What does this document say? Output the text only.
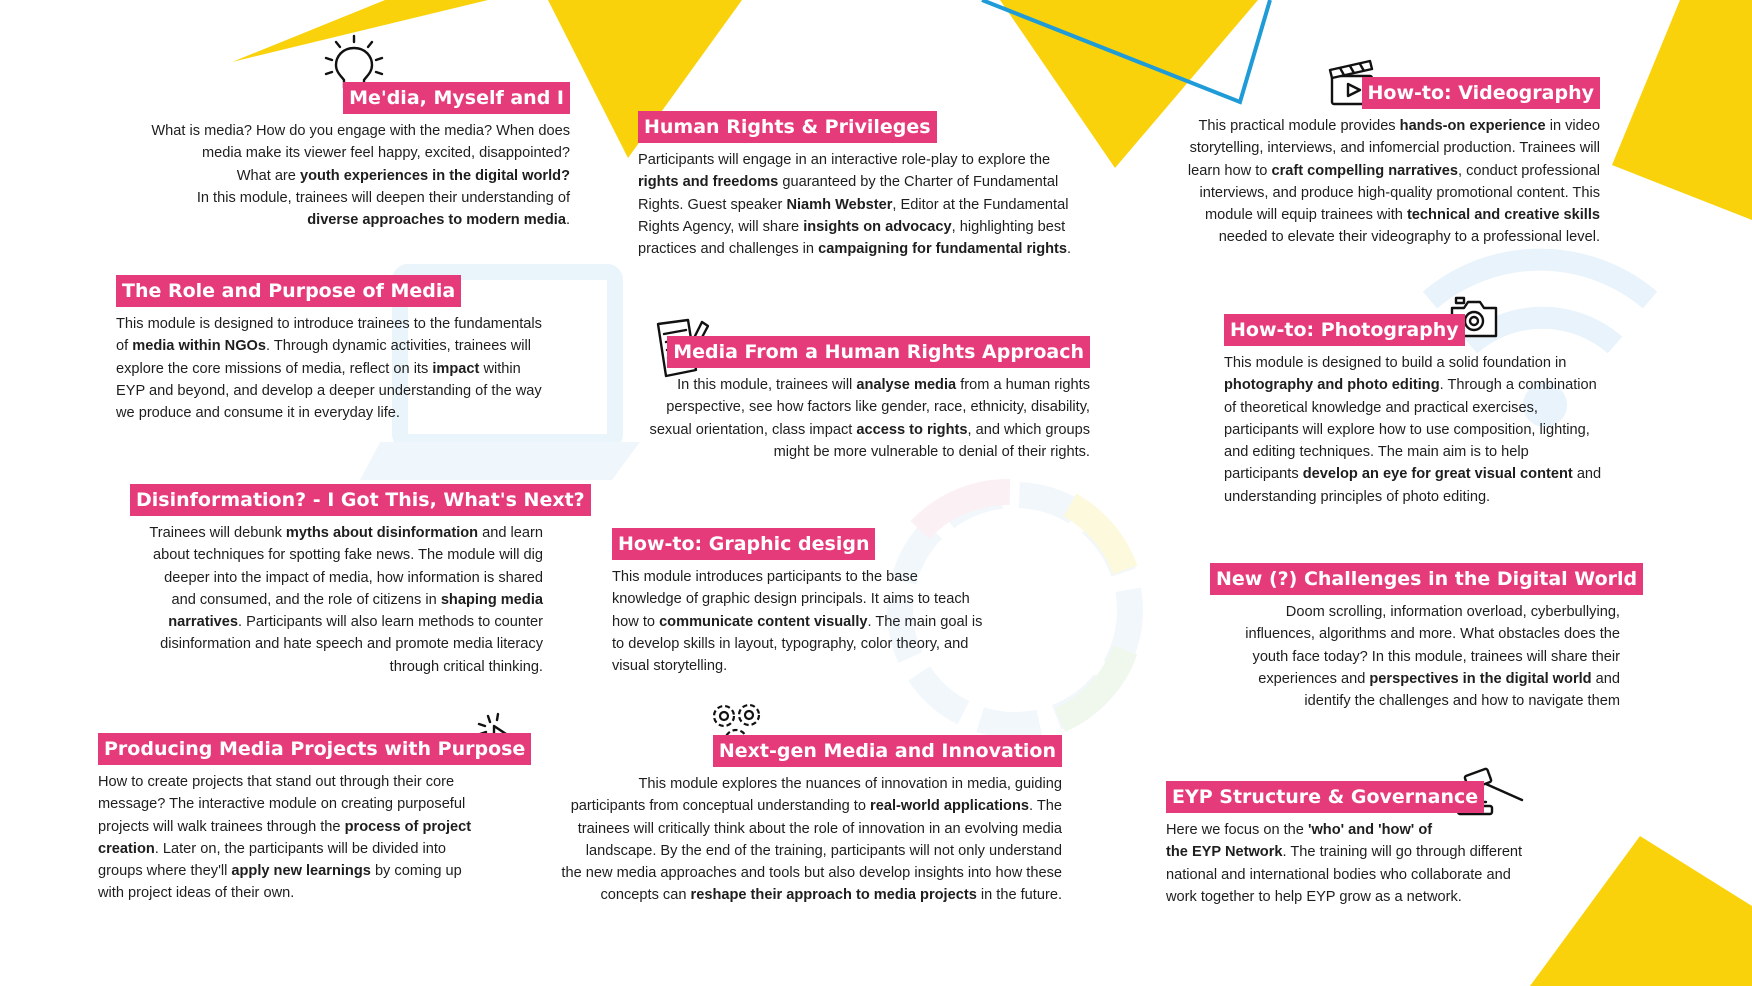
Me'dia, Myself and I

What is media? How do you engage with the media? When does
media make its viewer feel happy, excited, disappointed?
What are youth experiences in the digital world?
In this module, trainees will deepen their understanding of
diverse approaches to modern media.

The Role and Purpose of Media

This module is designed to introduce trainees to the fundamentals
of media within NGOs. Through dynamic activities, trainees will
explore the core missions of media, reflect on its impact within
EYP and beyond, and develop a deeper understanding of the way
we produce and consume it in everyday life.

Disinformation? - I Got This, What's Next?

Trainees will debunk myths about disinformation and learn
about techniques for spotting fake news. The module will dig
deeper into the impact of media, how information is shared
and consumed, and the role of citizens in shaping media
narratives. Participants will also learn methods to counter
disinformation and hate speech and promote media literacy
through critical thinking.

Producing Media Projects with Purpose

How to create projects that stand out through their core
message? The interactive module on creating purposeful
projects will walk trainees through the process of project
creation. Later on, the participants will be divided into
groups where they'll apply new learnings by coming up
with project ideas of their own.

Human Rights & Privileges

Participants will engage in an interactive role-play to explore the
rights and freedoms guaranteed by the Charter of Fundamental
Rights. Guest speaker Niamh Webster, Editor at the Fundamental
Rights Agency, will share insights on advocacy, highlighting best
practices and challenges in campaigning for fundamental rights.

Media From a Human Rights Approach

In this module, trainees will analyse media from a human rights
perspective, see how factors like gender, race, ethnicity, disability,
sexual orientation, class impact access to rights, and which groups
might be more vulnerable to denial of their rights.

How-to: Graphic design

This module introduces participants to the base
knowledge of graphic design principals. It aims to teach
how to communicate content visually. The main goal is
to develop skills in layout, typography, color theory, and
visual storytelling.

Next-gen Media and Innovation

This module explores the nuances of innovation in media, guiding
participants from conceptual understanding to real-world applications. The
trainees will critically think about the role of innovation in an evolving media
landscape. By the end of the training, participants will not only understand
the new media approaches and tools but also develop insights into how these
concepts can reshape their approach to media projects in the future.

How-to: Videography

This practical module provides hands-on experience in video
storytelling, interviews, and infomercial production. Trainees will
learn how to craft compelling narratives, conduct professional
interviews, and produce high-quality promotional content. This
module will equip trainees with technical and creative skills
needed to elevate their videography to a professional level.

How-to: Photography

This module is designed to build a solid foundation in
photography and photo editing. Through a combination
of theoretical knowledge and practical exercises,
participants will explore how to use composition, lighting,
and editing techniques. The main aim is to help
participants develop an eye for great visual content and
understanding principles of photo editing.

New (?) Challenges in the Digital World

Doom scrolling, information overload, cyberbullying,
influences, algorithms and more. What obstacles does the
youth face today? In this module, trainees will share their
experiences and perspectives in the digital world and
identify the challenges and how to navigate them

EYP Structure & Governance

Here we focus on the 'who' and 'how' of
the EYP Network. The training will go through different
national and international bodies who collaborate and
work together to help EYP grow as a network.
